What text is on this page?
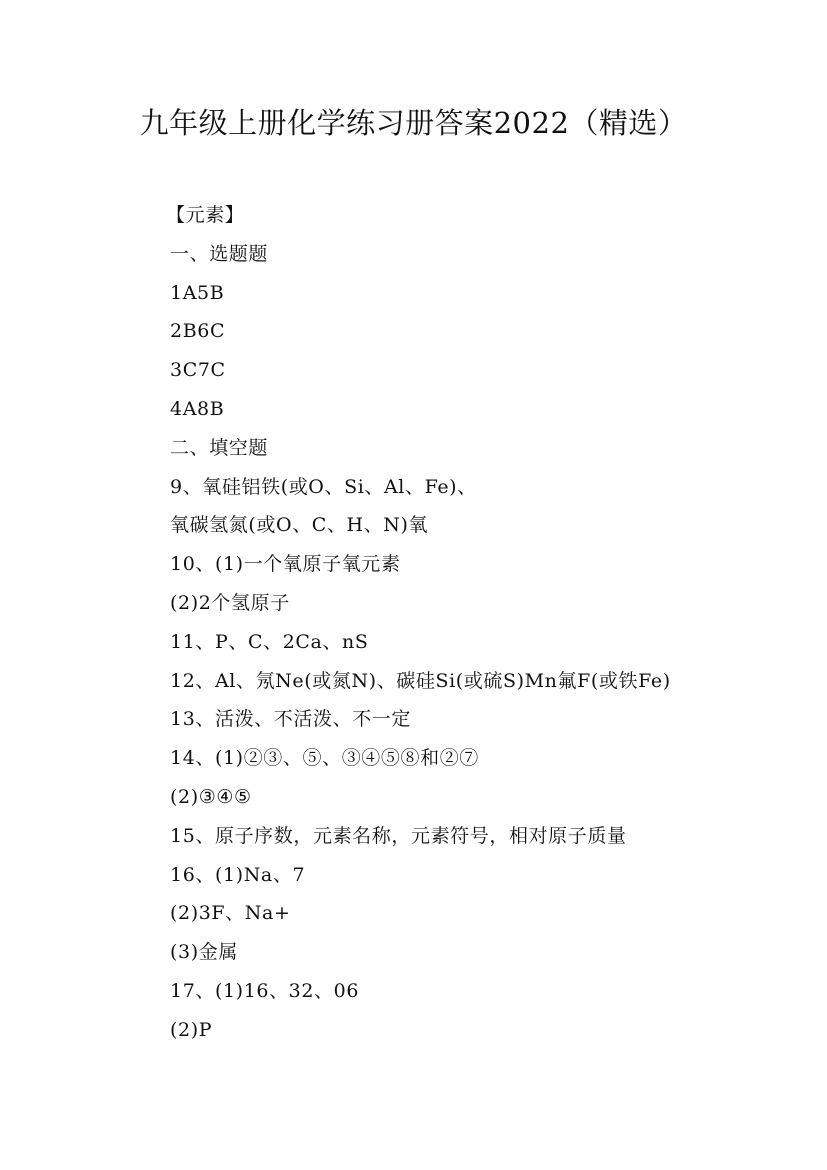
九年级上册化学练习册答案2022（精选）
【元素】
一、选题题
1A5B
2B6C
3C7C
4A8B
二、填空题
9、氧硅铝铁(或O、Si、Al、Fe)、
氧碳氢氮(或O、C、H、N)氧
10、(1)一个氧原子氧元素
(2)2个氢原子
11、P、C、2Ca、nS
12、Al、氖Ne(或氮N)、碳硅Si(或硫S)Mn氟F(或铁Fe)
13、活泼、不活泼、不一定
14、(1)②③、⑤、③④⑤⑧和②⑦
(2)③④⑤
15、原子序数，元素名称，元素符号，相对原子质量
16、(1)Na、7
(2)3F、Na+
(3)金属
17、(1)16、32、06
(2)P
